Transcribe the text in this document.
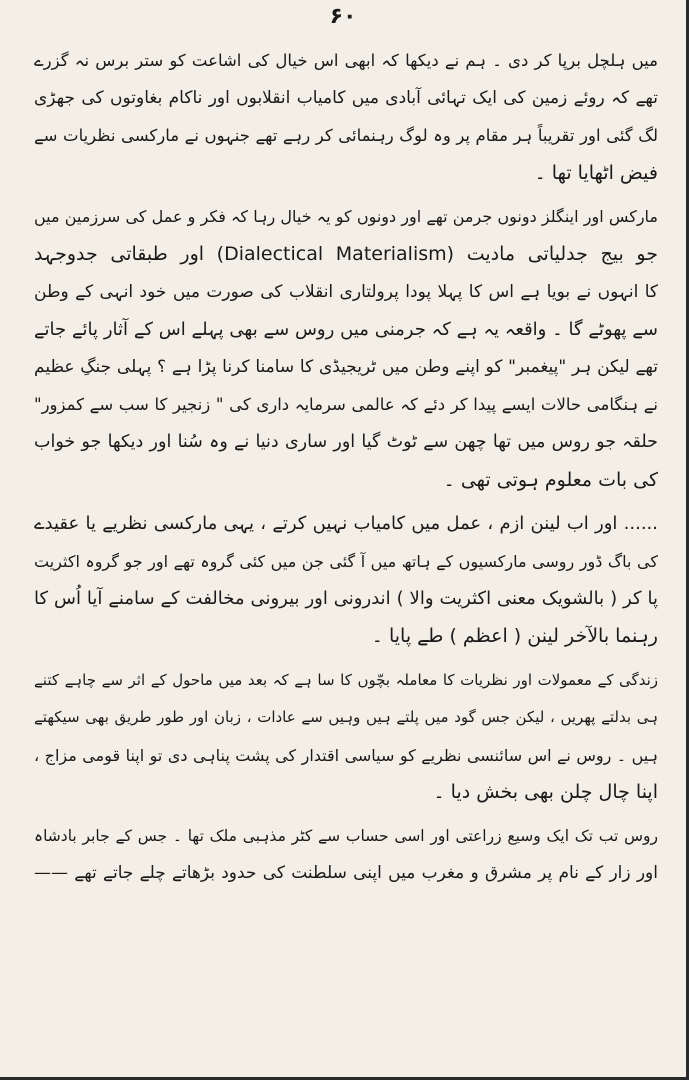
۶۰
میں ہلچل برپا کر دی ۔ ہم نے دیکھا کہ ابھی اس خیال کی اشاعت کو ستر برس نہ گزرے
تھے کہ روئے زمین کی ایک تہائی آبادی میں کامیاب انقلابوں اور ناکام بغاوتوں کی جھڑی
لگ گئی اور تقریباً ہر مقام پر وہ لوگ رہنمائی کر رہے تھے جنہوں نے مارکسی نظریات سے
فیض اٹھایا تھا ۔
مارکس اور اینگلز دونوں جرمن تھے اور دونوں کو یہ خیال رہا کہ فکر و عمل کی سرزمین میں
جو بیج جدلیاتی مادیت (Dialectical Materialism) اور طبقاتی جدوجہد
کا انہوں نے بویا ہے اس کا پہلا پودا پرولتاری انقلاب کی صورت میں خود انہی کے وطن
سے پھوٹے گا ۔ واقعہ یہ ہے کہ جرمنی میں روس سے بھی پہلے اس کے آثار پائے جاتے
تھے لیکن ہر "پیغمبر" کو اپنے وطن میں ٹریجیڈی کا سامنا کرنا پڑا ہے ؟ پہلی جنگِ عظیم
نے ہنگامی حالات ایسے پیدا کر دئے کہ عالمی سرمایہ داری کی " زنجیر کا سب سے کمزور"
حلقہ جو روس میں تھا چھن سے ٹوٹ گیا اور ساری دنیا نے وہ سُنا اور دیکھا جو خواب
کی بات معلوم ہوتی تھی ۔
...... اور اب لینن ازم ، عمل میں کامیاب نہیں کرتے ، یہی مارکسی نظریے یا عقیدے
کی باگ ڈور روسی مارکسیوں کے ہاتھ میں آ گئی جن میں کئی گروہ تھے اور جو گروہ اکثریت
پا کر ( بالشویک معنی اکثریت والا ) اندرونی اور بیرونی مخالفت کے سامنے آیا اُس کا
رہنما بالآخر لینن ( اعظم ) طے پایا ۔
زندگی کے معمولات اور نظریات کا معاملہ بچّوں کا سا ہے کہ بعد میں ماحول کے اثر سے چاہے کتنے
ہی بدلتے پھریں ، لیکن جس گود میں پلتے ہیں وہیں سے عادات ، زبان اور طور طریق بھی سیکھتے
ہیں ۔ روس نے اس سائنسی نظریے کو سیاسی اقتدار کی پشت پناہی دی تو اپنا قومی مزاج ،
اپنا چال چلن بھی بخش دیا ۔
روس تب تک ایک وسیع زراعتی اور اسی حساب سے کٹر مذہبی ملک تھا ۔ جس کے جابر بادشاہ
اور زار کے نام پر مشرق و مغرب میں اپنی سلطنت کی حدود بڑھاتے چلے جاتے تھے ——
